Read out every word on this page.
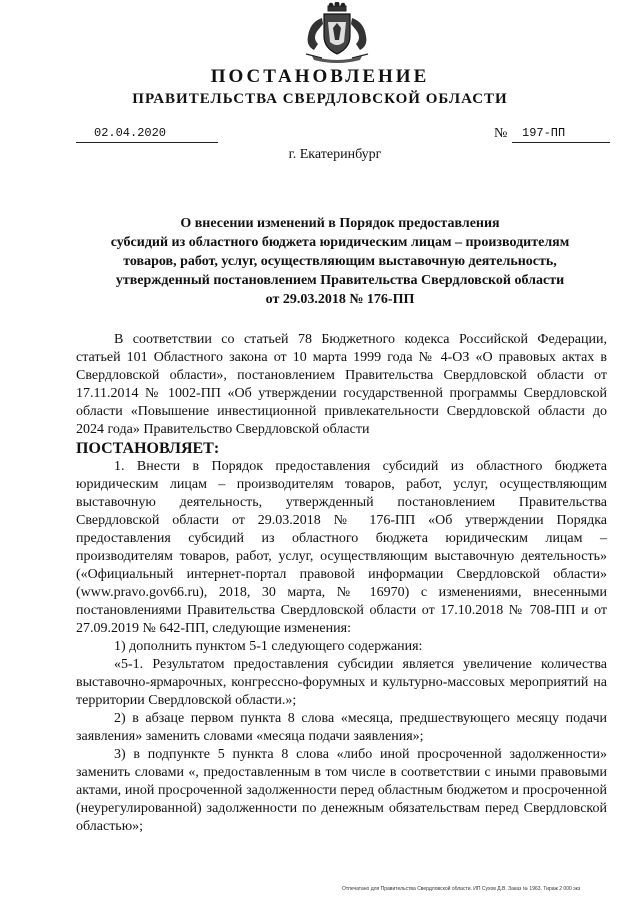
ПОСТАНОВЛЕНИЕ
ПРАВИТЕЛЬСТВА СВЕРДЛОВСКОЙ ОБЛАСТИ
02.04.2020	№ 197-ПП
г. Екатеринбург
О внесении изменений в Порядок предоставления
субсидий из областного бюджета юридическим лицам – производителям
товаров, работ, услуг, осуществляющим выставочную деятельность,
утвержденный постановлением Правительства Свердловской области
от 29.03.2018 № 176-ПП

В соответствии со статьей 78 Бюджетного кодекса Российской Федерации, статьей 101 Областного закона от 10 марта 1999 года № 4-ОЗ «О правовых актах в Свердловской области», постановлением Правительства Свердловской области от 17.11.2014 № 1002-ПП «Об утверждении государственной программы Свердловской области «Повышение инвестиционной привлекательности Свердловской области до 2024 года» Правительство Свердловской области

ПОСТАНОВЛЯЕТ:

1. Внести в Порядок предоставления субсидий из областного бюджета юридическим лицам – производителям товаров, работ, услуг, осуществляющим выставочную деятельность, утвержденный постановлением Правительства Свердловской области от 29.03.2018 № 176-ПП «Об утверждении Порядка предоставления субсидий из областного бюджета юридическим лицам – производителям товаров, работ, услуг, осуществляющим выставочную деятельность» («Официальный интернет-портал правовой информации Свердловской области» (www.pravo.gov66.ru), 2018, 30 марта, № 16970) с изменениями, внесенными постановлениями Правительства Свердловской области от 17.10.2018 № 708-ПП и от 27.09.2019 № 642-ПП, следующие изменения:

1) дополнить пунктом 5-1 следующего содержания:

«5-1. Результатом предоставления субсидии является увеличение количества выставочно-ярмарочных, конгрессно-форумных и культурно-массовых мероприятий на территории Свердловской области.»;

2) в абзаце первом пункта 8 слова «месяца, предшествующего месяцу подачи заявления» заменить словами «месяца подачи заявления»;

3) в подпункте 5 пункта 8 слова «либо иной просроченной задолженности» заменить словами «, предоставленным в том числе в соответствии с иными правовыми актами, иной просроченной задолженности перед областным бюджетом и просроченной (неурегулированной) задолженности по денежным обязательствам перед Свердловской областью»;

Отпечатано для Правительства Свердловской области. ИП Сухов Д.В. Заказ № 1963. Тираж 2 000 экз
